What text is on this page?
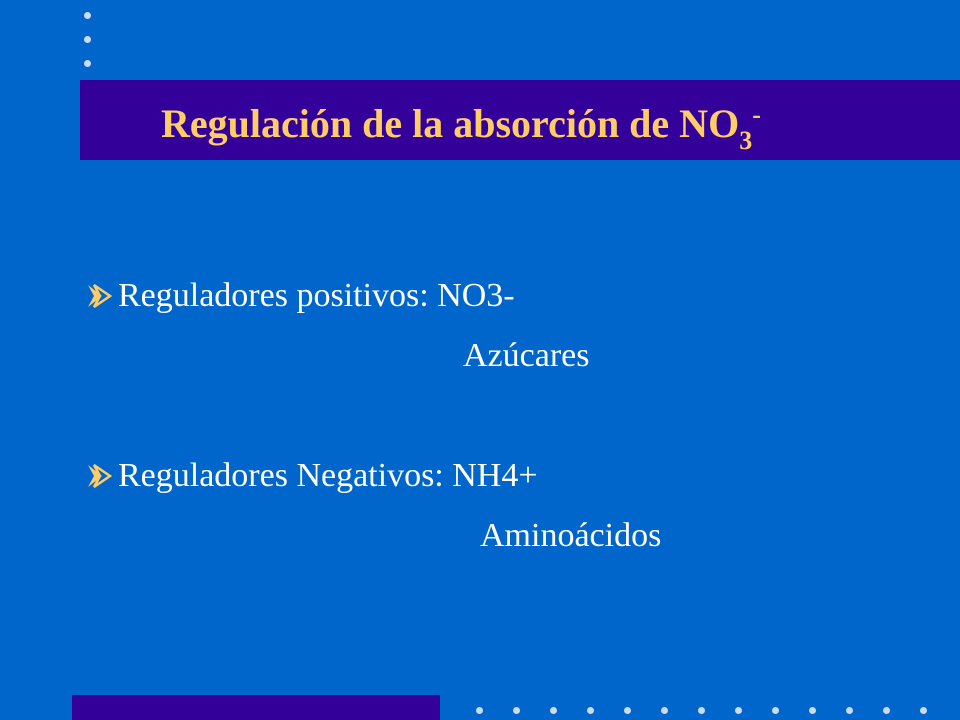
Regulación de la absorción de $NO_3^-$
Reguladores positivos: NO3-
Azúcares
Reguladores Negativos: NH4+
Aminoácidos
